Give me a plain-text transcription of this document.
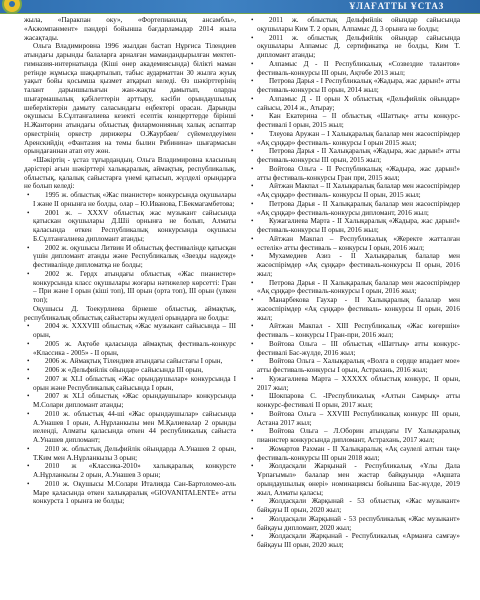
ҰЛАҒАТТЫ ҰСТАЗ

жыла, «Паракпан оку», «Фортепианлық ансамбль», «Акжомпанмент» пәндері бойынша бағдарламадар 2014 жыла жасақтады.

Ольга Владимировна 1996 жылдан бастап Нұрғиса Тілендиев атындағы дарынды балаларға арналған мамандандырылған мектеп-гимназия-интернатында (Кіші өнер академиясында) білікті маман ретінде жұмысқа шақыртылып, табыс аударматтан 30 жылға жуық уақыт бойы қосымша қызмет атқарып келеді. Өз шәкірттерінің талант дарыншылығын жан-жақты дамытып, оларды шығармашылық қабілеттерін арттыру, кәсіби орындаушылық шеберліктерін дамыту саласындағы еңбектері орасан. Дарынды оқушысы Б.Сұлтанғалиева кезекті есептік концерттерде бірінші Н.Жантөрин атындағы облыстық филармонияның халық аспаптар оркестрінің оркестр дирижеры О.Жаурбаев/ сүйемелдеуімен Аренскийдің «Фантазия на темы былин Рябинина» шығармасын орындағаннан атап өту жөн.

«Шәкіртің - ұстаз тұғырдандың. Ольга Владимировна класының дәрістері ағын шәкірттері халықаралық, аймақтық, республикалық, облыстық, қалалық сайыстарға үнемі қатысып, жүлделі орындарға не болып келеді:

• 1995 ж. облыстық «Жас пианистер» конкурсында оқушылары І және ІІ орнынға не болды, олар – Ю.Иванова, Г.Бекмагамбетова;

• 2001 ж. – ХХХV облыстық жас музыкант сайысында қатыскан оқушылары Д.Шіі орнынға не болып, Алматы қаласында өткен Республикалық конкурсында оқушысы Б.Сұлтанғалиева дипломант атанды;

• 2002 ж. оқушысы Литвин И облыстық фестивалінде қатысқан үшін дипломант атанды және Республикалық «Звезды надежд» фестивалінде дипломатқа не болды;

• 2002 ж. Гердх атындағы облыстық «Жас пианистер» конкурсында класс оқушылары жоғары нәтижелер көрсетті: Гран – При және І орын (кіші топ), ІІІ орын (орта топ), ІІІ орын (үлкен топ);

Оқушысы Д. Тоекурлиева бірнеше облыстық, аймақтық, республикалық облыстық сайыстары жүлделі орындарға не болды:

• 2004 ж. ХХХVIII облыстық «Жас музыкант сайысында – ІІІ орын,

• 2005 ж. Ақтөбе қаласында аймақтық фестиваль-конкурс «Классика - 2005» - ІІ орын,

• 2006 ж. Аймақтық Тілендиев атындағы сайыстағы І орын,

• 2006 ж «Дельфийлік ойындар» сайысында ІІІ орын,

• 2007 ж ХLІ облыстық «Жас орындаушылар» конкурсында І орын және Республикалық сайысында І орын,

• 2007 ж ХLІ облыстық «Жас орындаушылар» конкурсында М.Солари дипломант атанды;

• 2010 ж. облыстық 44-ші «Жас орындаушылар» сайысында А.Унашев І орын, А.Нұрланкызы мен М.Қалиевалар 2 орынды иеленді, Алматы қаласында өткен 44 республикалық сайыста А.Унашев дипломант;

• 2010 ж. облыстық Дельфийлік ойындарда А.Унашев 2 орын, Т.Ким мен А.Нұрланкызы 3 орын;

• 2010 ж «Классика-2010» халықаралық конкурсте А.Нұрланкызы 2 орын, А.Унашев 3 орын;

• 2010 ж. Оқушысы М.Солари Италияда Сан-Бартоломео-аль Маре қаласында өткен халықаралық «GIOVANITALENTE» атты конкурста 1 орынға не болды;

• 2011 ж. облыстық Дельфийлік ойындар сайысында оқушылары Ким Т. 2 орын, Алпамыс Д. 3 орынға не болды;

• 2011 ж. облыстық Дельфийлік ойындар сайысында оқушылары Алпамыс Д. сертификатқа не болды, Ким Т. дипломант атанды;

• Алпамыс Д - ІІ Республикалық «Созвездие талантов» фестиваль-конкурсы ІІІ орын, Ақтөбе 2013 жыл;

• Петрова Дарья - І Республикалық «Жадыра, жас дарын!» атты фестиваль-конкурсы ІІ орын, 2014 жыл;

• Алпамыс Д - ІІ орын Х облыстық «Дельфийлік ойындар» сайысы, 2014 ж., Атырау;

• Кан Екатерина – ІІ облыстық «Шаттық» атты конкурс-фестивалі І орын, 2015 жыл;

• Тлеуова Аружан – І Халықаралық балалар мен жасөспірімдер «Ақ сұңқар» фестиваль- конкурсы І орын 2015 жыл;

• Петрова Дарья - ІІ Халықаралық «Жадыра, жас дарын!» атты фестиваль-конкурсы ІІІ орын, 2015 жыл;

• Войтова Ольга - ІІ Республикалық «Жадыра, жас дарын!» атты фестиваль-конкурсы Гран при, 2015 жыл;

• Айтжан Макпал – ІІ Халықаралық балалар мен жасөспірімдер «Ақ сұңқар» фестиваль- конкурсы ІІ орын, 2015 жыл;

• Петрова Дарья - ІІ Халықаралық балалар мен жасөспірімдер «Ақ сұңқар» фестиваль-конкурсы дипломант, 2016 жыл;

• Кужагалиева Марта - ІІ Халықаралық «Жадыра, жас дарын!» фестиваль-конкурсы ІІ орын, 2016 жыл;

• Айтжан Макпал – Республикалық «Жеректе жатталған естелік» атты фестиваль – конкурсы І орын, 2016 жыл;

• Мухамедиев Азиз - ІІ Халықаралық балалар мен жасөспірімдер «Ақ сұңқар» фестиваль-конкурсы ІІ орын, 2016 жыл;

• Петрова Дарья - ІІ Халықаралық балалар мен жасөспірімдер «Ақ сұңқар» фестиваль-конкурсы І орын, 2016 жыл;

• Манарбекова Гаухар - ІІ Халықаралық балалар мен жасөспірімдер «Ақ сұңқар» фестиваль- конкурсы ІІ орын, 2016 жыл;

• Айтжан Макпал - ХІІІ Республикалық «Жас көгершін» фестиваль – конкурсы І Гран-при, 2016 жыл;

• Войтова Ольга – ІІІ облыстық «Шаттық» атты конкурс-фестивалі Бас-жүлде, 2016 жыл;

• Войтова Ольга – Халықаралық «Волга в сердце впадает мое» атты фестиваль-конкурсы І орын, Астрахань, 2016 жыл;

• Кужагалиева Марта – ХХХХХ облыстық конкурс, ІІ орын, 2017 жыл;

• Шокпарова С. -ІРеспубликалық «Алтын Самрық» атты конкурс-фестивалі ІІ орын, 2017 жыл;

• Войтова Ольга – ХХVIII Республикалық конкурс ІІІ орын, Астана 2017 жыл;

• Войтова Ольга – Л.Оборин атындағы ІV Халықаралық пианистер конкурсында дипломант, Астрахань, 2017 жыл;

• Жомартов Рахман - ІІ Халықаралық «Ақ сәулелі алтын таң» фестиваль-конкурсы ІІІ орын 2018 жыл;

• Жолдасқали Жарқынай - Республикалық «Ұлы Дала Ұрпағымыз» балалар мен жастар байқауында «Ақшата орындаушылық өнері» номинациясы бойынша Бас-жүлде, 2019 жыл, Алматы қаласы;

• Жолдасқали Жарқынай - 53 облыстық «Жас музыкант» байқауы ІІ орын, 2020 жыл;

• Жолдасқали Жарқынай - 53 республикалық «Жас музыкант» байқауы дипломант, 2020 жыл;

• Жолдасқали Жарқынай - Республикалық «Арманға самғау» байқауы ІІІ орын, 2020 жыл;
